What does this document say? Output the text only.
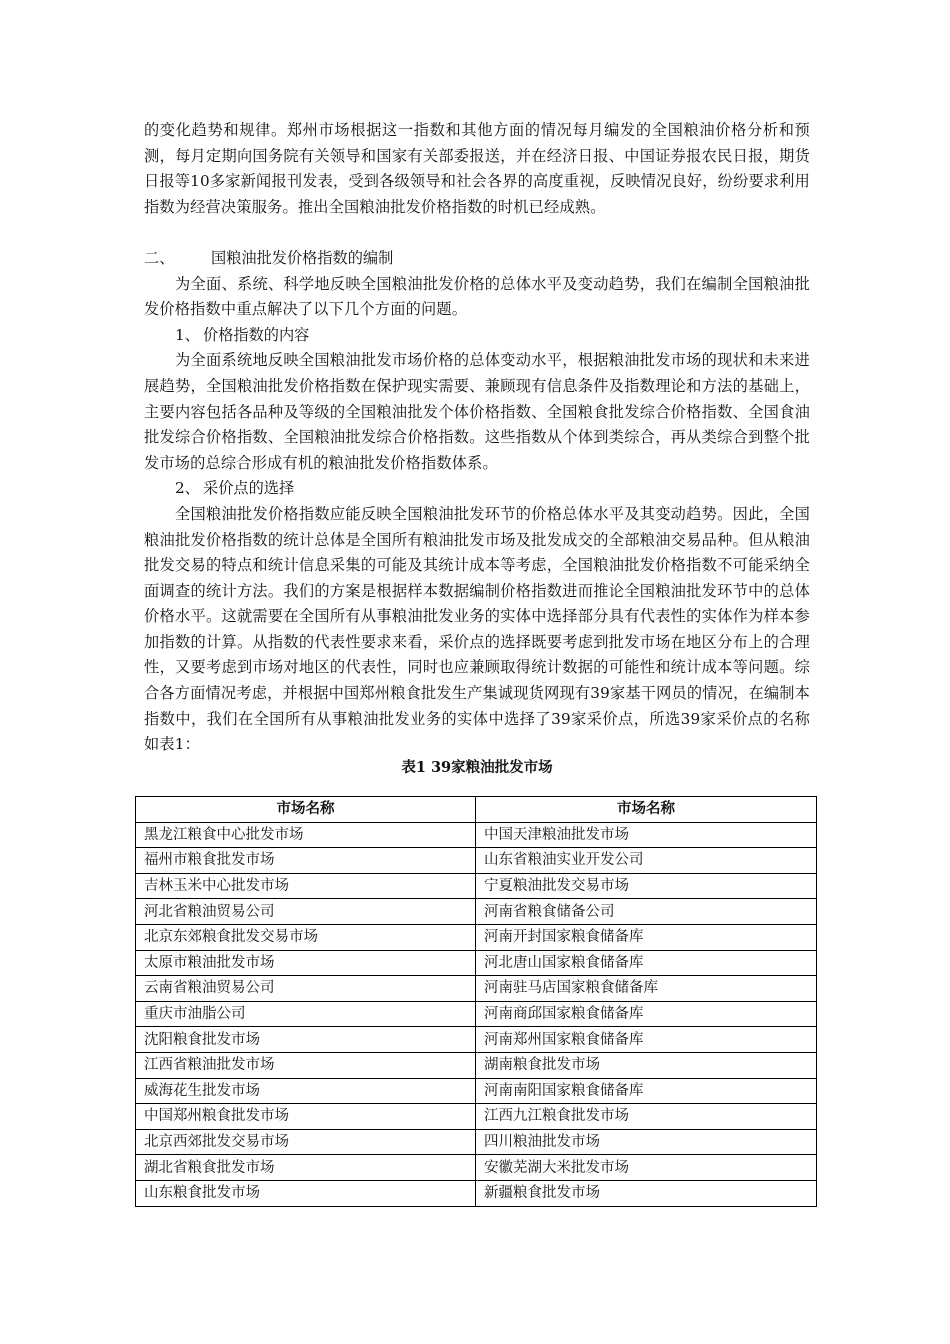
的变化趋势和规律。郑州市场根据这一指数和其他方面的情况每月编发的全国粮油价格分析和预测，每月定期向国务院有关领导和国家有关部委报送，并在经济日报、中国证券报农民日报，期货日报等10多家新闻报刊发表，受到各级领导和社会各界的高度重视，反映情况良好，纷纷要求利用指数为经营决策服务。推出全国粮油批发价格指数的时机已经成熟。

二、 国粮油批发价格指数的编制

为全面、系统、科学地反映全国粮油批发价格的总体水平及变动趋势，我们在编制全国粮油批发价格指数中重点解决了以下几个方面的问题。

1、 价格指数的内容

为全面系统地反映全国粮油批发市场价格的总体变动水平，根据粮油批发市场的现状和未来进展趋势，全国粮油批发价格指数在保护现实需要、兼顾现有信息条件及指数理论和方法的基础上，主要内容包括各品种及等级的全国粮油批发个体价格指数、全国粮食批发综合价格指数、全国食油批发综合价格指数、全国粮油批发综合价格指数。这些指数从个体到类综合，再从类综合到整个批发市场的总综合形成有机的粮油批发价格指数体系。

2、 采价点的选择

全国粮油批发价格指数应能反映全国粮油批发环节的价格总体水平及其变动趋势。因此，全国粮油批发价格指数的统计总体是全国所有粮油批发市场及批发成交的全部粮油交易品种。但从粮油批发交易的特点和统计信息采集的可能及其统计成本等考虑，全国粮油批发价格指数不可能采纳全面调查的统计方法。我们的方案是根据样本数据编制价格指数进而推论全国粮油批发环节中的总体价格水平。这就需要在全国所有从事粮油批发业务的实体中选择部分具有代表性的实体作为样本参加指数的计算。从指数的代表性要求来看，采价点的选择既要考虑到批发市场在地区分布上的合理性，又要考虑到市场对地区的代表性，同时也应兼顾取得统计数据的可能性和统计成本等问题。综合各方面情况考虑，并根据中国郑州粮食批发生产集诚现货网现有39家基干网员的情况，在编制本指数中，我们在全国所有从事粮油批发业务的实体中选择了39家采价点，所选39家采价点的名称如表1：

表1 39家粮油批发市场

市场名称	市场名称
黑龙江粮食中心批发市场	中国天津粮油批发市场
福州市粮食批发市场	山东省粮油实业开发公司
吉林玉米中心批发市场	宁夏粮油批发交易市场
河北省粮油贸易公司	河南省粮食储备公司
北京东郊粮食批发交易市场	河南开封国家粮食储备库
太原市粮油批发市场	河北唐山国家粮食储备库
云南省粮油贸易公司	河南驻马店国家粮食储备库
重庆市油脂公司	河南商邱国家粮食储备库
沈阳粮食批发市场	河南郑州国家粮食储备库
江西省粮油批发市场	湖南粮食批发市场
威海花生批发市场	河南南阳国家粮食储备库
中国郑州粮食批发市场	江西九江粮食批发市场
北京西郊批发交易市场	四川粮油批发市场
湖北省粮食批发市场	安徽芜湖大米批发市场
山东粮食批发市场	新疆粮食批发市场
